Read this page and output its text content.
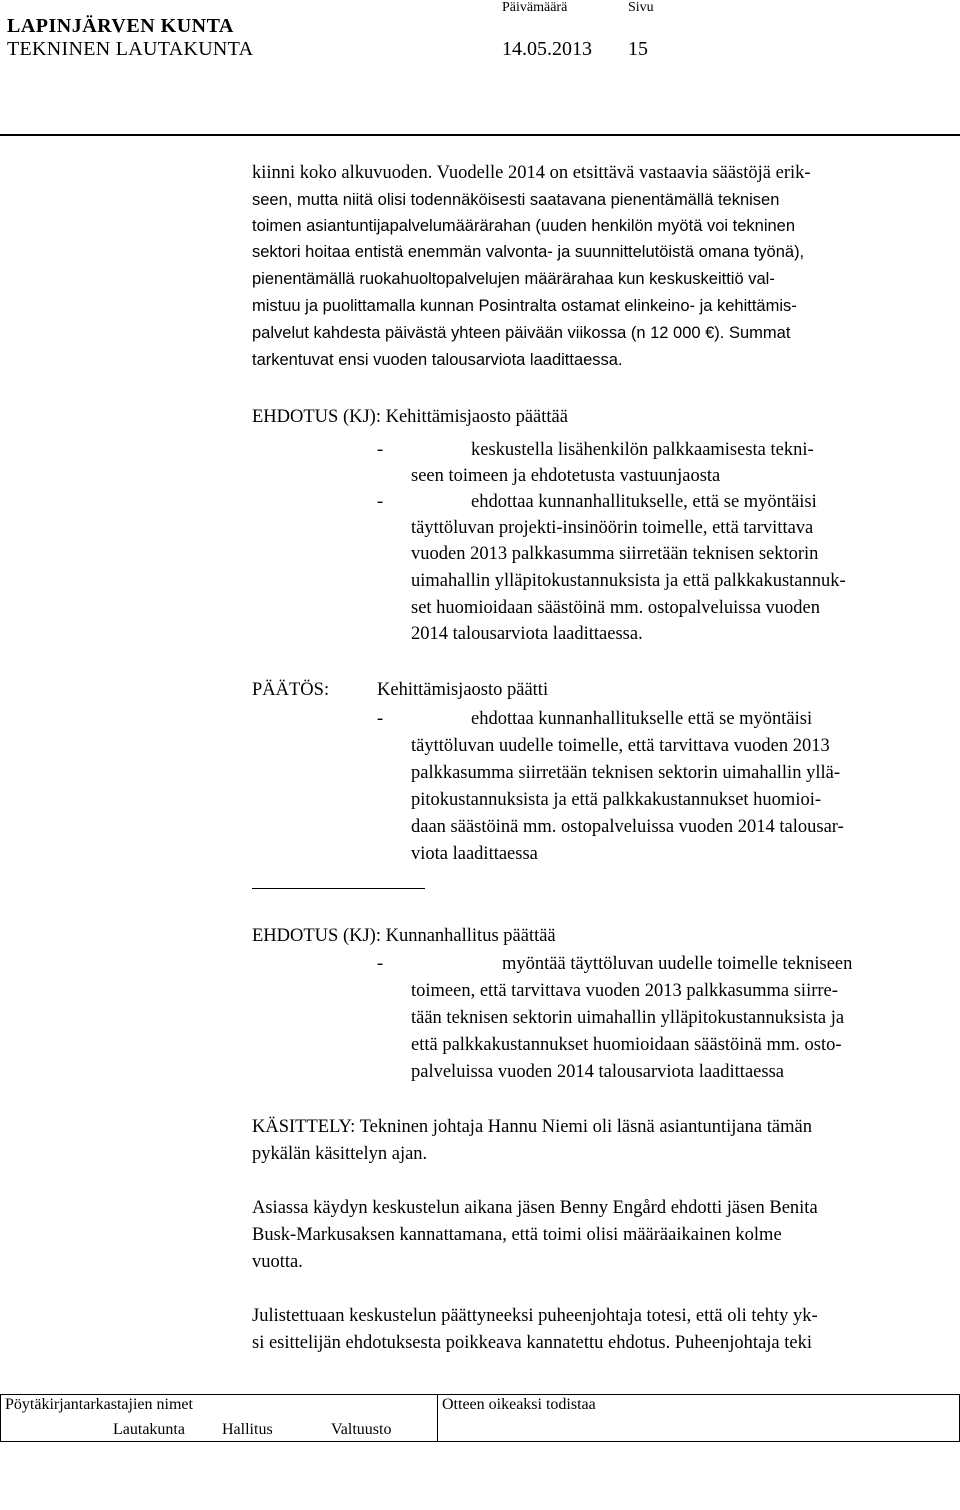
LAPINJÄRVEN KUNTA
TEKNINEN LAUTAKUNTA
Päivämäärä	Sivu
14.05.2013 15
kiinni koko alkuvuoden. Vuodelle 2014 on etsittävä vastaavia säästöjä erik-
seen, mutta niitä olisi todennäköisesti saatavana pienentämällä teknisen
toimen asiantuntijapalvelumäärärahan (uuden henkilön myötä voi tekninen
sektori hoitaa entistä enemmän valvonta- ja suunnittelutöistä omana työnä),
pienentämällä ruokahuoltopalvelujen määrärahaa kun keskuskeittiö val-
mistuu ja puolittamalla kunnan Posintralta ostamat elinkeino- ja kehittämis-
palvelut kahdesta päivästä yhteen päivään viikossa (n 12 000 €). Summat
tarkentuvat ensi vuoden talousarviota laadittaessa.
EHDOTUS (KJ): Kehittämisjaosto päättää
-	keskustella lisähenkilön palkkaamisesta tekni-
seen toimeen ja ehdotetusta vastuunjaosta
-	ehdottaa kunnanhallitukselle, että se myöntäisi
täyttöluvan projekti-insinöörin toimelle, että tarvittava
vuoden 2013 palkkasumma siirretään teknisen sektorin
uimahallin ylläpitokustannuksista ja että palkkakustannuk-
set huomioidaan säästöinä mm. ostopalveluissa vuoden
2014 talousarviota laadittaessa.
PÄÄTÖS:	Kehittämisjaosto päätti
-	ehdottaa kunnanhallitukselle että se myöntäisi
täyttöluvan uudelle toimelle, että tarvittava vuoden 2013
palkkasumma siirretään teknisen sektorin uimahallin yllä-
pitokustannuksista ja että palkkakustannukset huomioi-
daan säästöinä mm. ostopalveluissa vuoden 2014 talousar-
viota laadittaessa
EHDOTUS (KJ): Kunnanhallitus päättää
-	myöntää täyttöluvan uudelle toimelle tekniseen
toimeen, että tarvittava vuoden 2013 palkkasumma siirre-
tään teknisen sektorin uimahallin ylläpitokustannuksista ja
että palkkakustannukset huomioidaan säästöinä mm. osto-
palveluissa vuoden 2014 talousarviota laadittaessa
KÄSITTELY: Tekninen johtaja Hannu Niemi oli läsnä asiantuntijana tämän
pykälän käsittelyn ajan.
Asiassa käydyn keskustelun aikana jäsen Benny Engård ehdotti jäsen Benita
Busk-Markusaksen kannattamana, että toimi olisi määräaikainen kolme
vuotta.
Julistettuaan keskustelun päättyneeksi puheenjohtaja totesi, että oli tehty yk-
si esittelijän ehdotuksesta poikkeava kannatettu ehdotus. Puheenjohtaja teki
Pöytäkirjantarkastajien nimet	Otteen oikeaksi todistaa
Lautakunta Hallitus	Valtuusto
